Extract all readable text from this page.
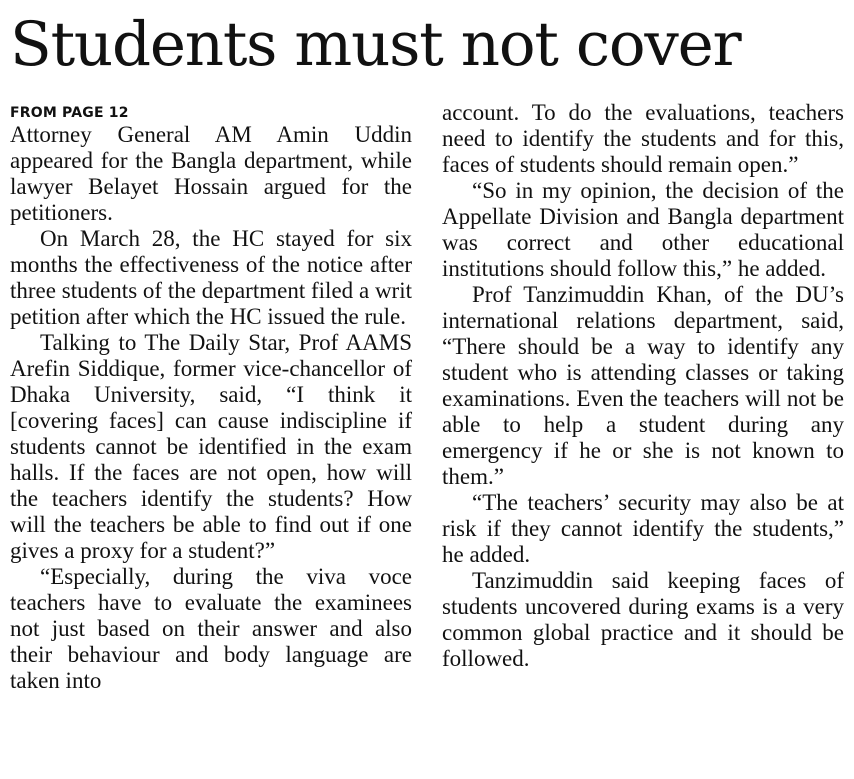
Students must not cover
FROM PAGE 12

Attorney General AM Amin Uddin appeared for the Bangla department, while lawyer Belayet Hossain argued for the petitioners.

On March 28, the HC stayed for six months the effectiveness of the notice after three students of the department filed a writ petition after which the HC issued the rule.

Talking to The Daily Star, Prof AAMS Arefin Siddique, former vice-chancellor of Dhaka University, said, “I think it [covering faces] can cause indiscipline if students cannot be identified in the exam halls. If the faces are not open, how will the teachers identify the students? How will the teachers be able to find out if one gives a proxy for a student?”

“Especially, during the viva voce teachers have to evaluate the examinees not just based on their answer and also their behaviour and body language are taken into

account. To do the evaluations, teachers need to identify the students and for this, faces of students should remain open.”

“So in my opinion, the decision of the Appellate Division and Bangla department was correct and other educational institutions should follow this,” he added.

Prof Tanzimuddin Khan, of the DU’s international relations department, said, “There should be a way to identify any student who is attending classes or taking examinations. Even the teachers will not be able to help a student during any emergency if he or she is not known to them.”

“The teachers’ security may also be at risk if they cannot identify the students,” he added.

Tanzimuddin said keeping faces of students uncovered during exams is a very common global practice and it should be followed.
